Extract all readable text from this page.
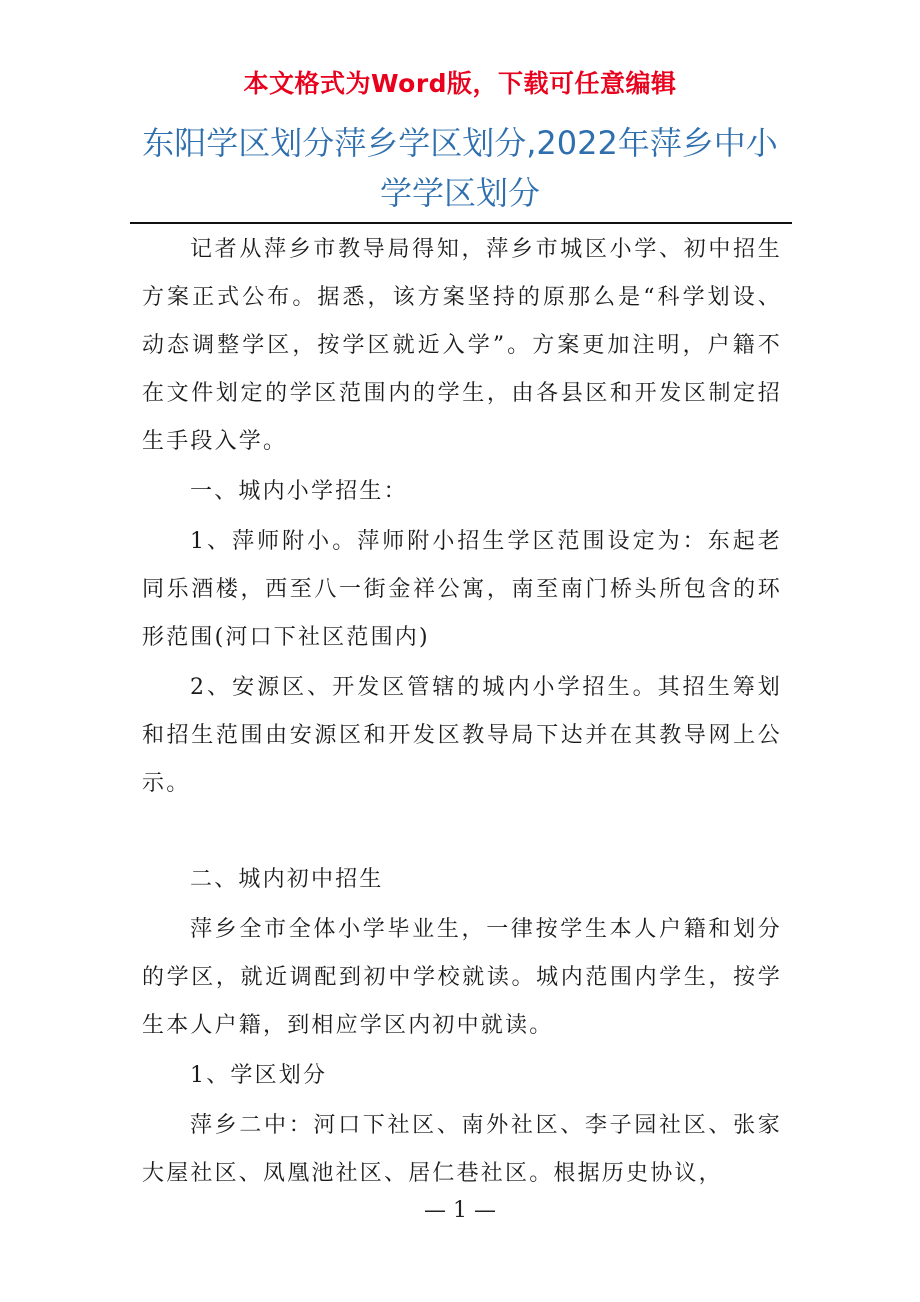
本文格式为Word版，下载可任意编辑
东阳学区划分萍乡学区划分,2022年萍乡中小学学区划分

记者从萍乡市教导局得知，萍乡市城区小学、初中招生方案正式公布。据悉，该方案坚持的原那么是“科学划设、动态调整学区，按学区就近入学”。方案更加注明，户籍不在文件划定的学区范围内的学生，由各县区和开发区制定招生手段入学。

一、城内小学招生：

1、萍师附小。萍师附小招生学区范围设定为：东起老同乐酒楼，西至八一街金祥公寓，南至南门桥头所包含的环形范围(河口下社区范围内)

2、安源区、开发区管辖的城内小学招生。其招生筹划和招生范围由安源区和开发区教导局下达并在其教导网上公示。

二、城内初中招生

萍乡全市全体小学毕业生，一律按学生本人户籍和划分的学区，就近调配到初中学校就读。城内范围内学生，按学生本人户籍，到相应学区内初中就读。

1、学区划分

萍乡二中：河口下社区、南外社区、李子园社区、张家大屋社区、凤凰池社区、居仁巷社区。根据历史协议，

— 1 —
